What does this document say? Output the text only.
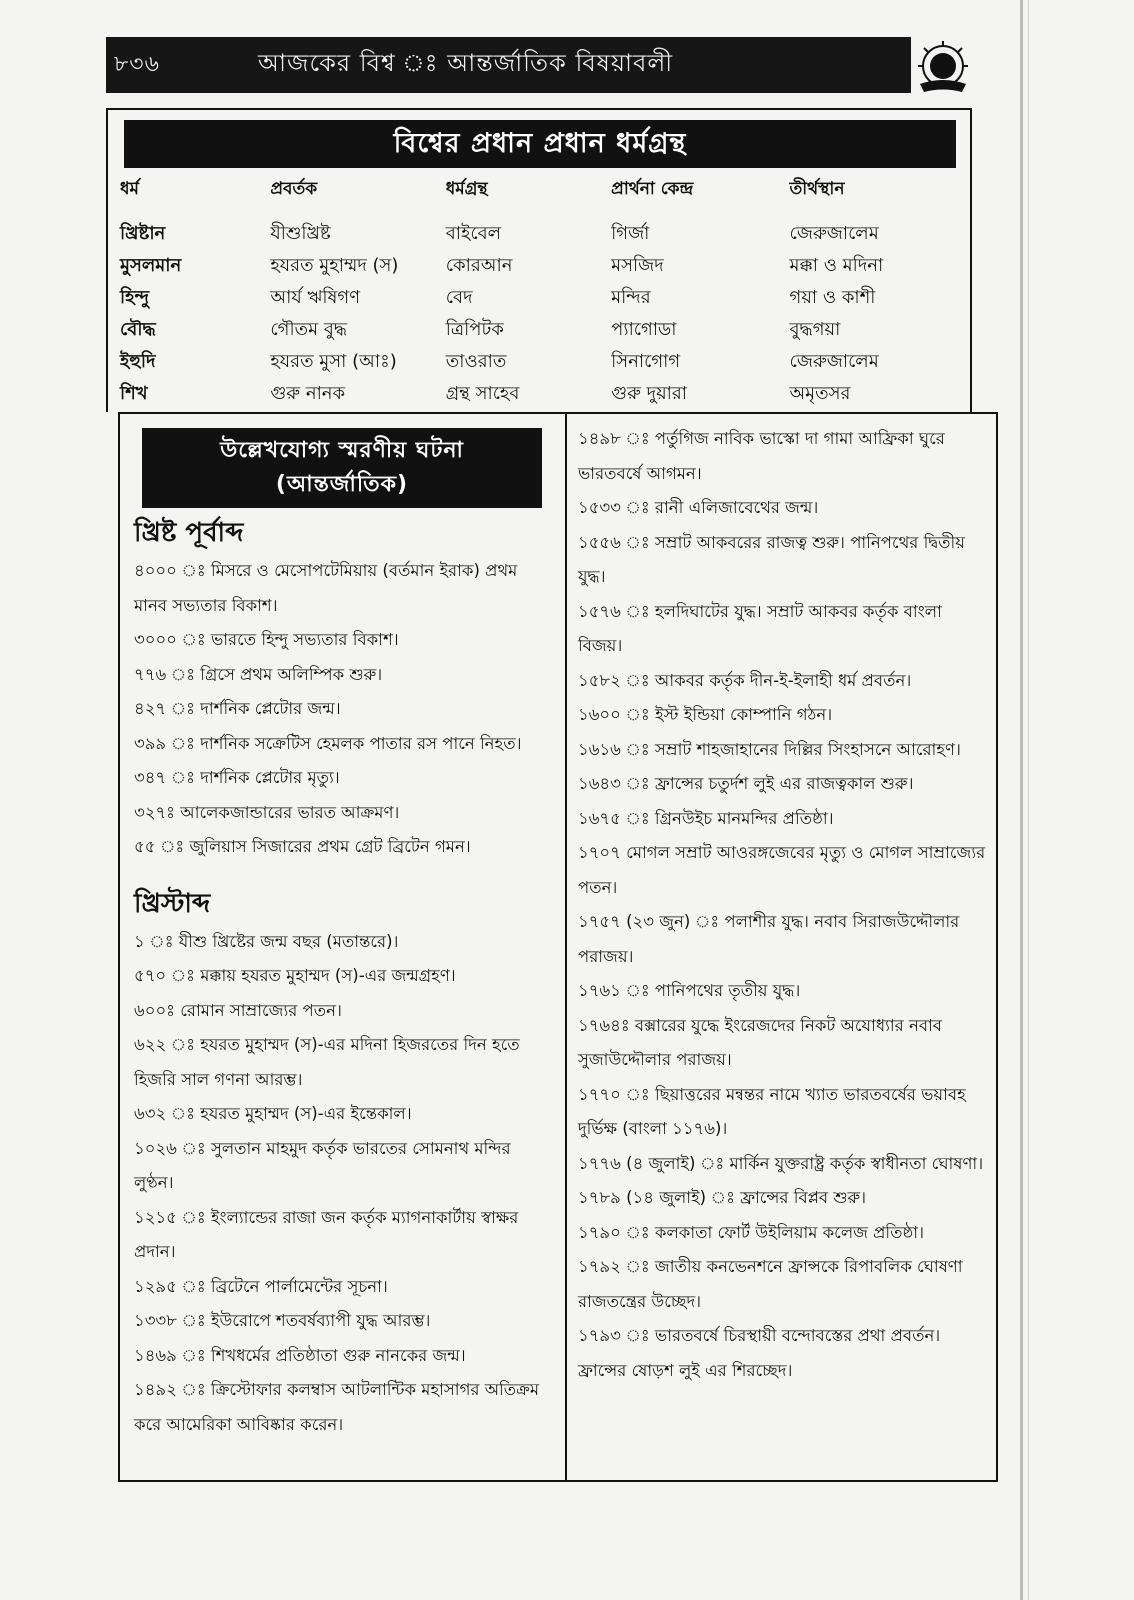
৮৩৬	আজকের বিশ্ব ঃ আন্তর্জাতিক বিষয়াবলী
বিশ্বের প্রধান প্রধান ধর্মগ্রন্থ
ধর্ম	প্রবর্তক	ধর্মগ্রন্থ	প্রার্থনা কেন্দ্র	তীর্থস্থান
খ্রিষ্টান	যীশুখ্রিষ্ট	বাইবেল	গির্জা	জেরুজালেম
মুসলমান	হযরত মুহাম্মদ (স)	কোরআন	মসজিদ	মক্কা ও মদিনা
হিন্দু	আর্য ঋষিগণ	বেদ	মন্দির	গয়া ও কাশী
বৌদ্ধ	গৌতম বুদ্ধ	ত্রিপিটক	প্যাগোডা	বুদ্ধগয়া
ইহুদি	হযরত মুসা (আঃ)	তাওরাত	সিনাগোগ	জেরুজালেম
শিখ	গুরু নানক	গ্রন্থ সাহেব	গুরু দুয়ারা	অমৃতসর
উল্লেখযোগ্য স্মরণীয় ঘটনা
(আন্তর্জাতিক)
খ্রিষ্ট পূর্বাব্দ

৪০০০ ঃ মিসরে ও মেসোপটেমিয়ায় (বর্তমান ইরাক) প্রথম মানব সভ্যতার বিকাশ।

৩০০০ ঃ ভারতে হিন্দু সভ্যতার বিকাশ।

৭৭৬ ঃ গ্রিসে প্রথম অলিম্পিক শুরু।

৪২৭ ঃ দার্শনিক প্লেটোর জন্ম।

৩৯৯ ঃ দার্শনিক সক্রেটিস হেমলক পাতার রস পানে নিহত।

৩৪৭ ঃ দার্শনিক প্লেটোর মৃত্যু।

৩২৭ঃ আলেকজান্ডারের ভারত আক্রমণ।

৫৫ ঃ জুলিয়াস সিজারের প্রথম গ্রেট ব্রিটেন গমন।

খ্রিস্টাব্দ

১ ঃ যীশু খ্রিষ্টের জন্ম বছর (মতান্তরে)।

৫৭০ ঃ মক্কায় হযরত মুহাম্মদ (স)-এর জন্মগ্রহণ।

৬০০ঃ রোমান সাম্রাজ্যের পতন।

৬২২ ঃ হযরত মুহাম্মদ (স)-এর মদিনা হিজরতের দিন হতে হিজরি সাল গণনা আরম্ভ।

৬৩২ ঃ হযরত মুহাম্মদ (স)-এর ইন্তেকাল।

১০২৬ ঃ সুলতান মাহমুদ কর্তৃক ভারতের সোমনাথ মন্দির লুণ্ঠন।

১২১৫ ঃ ইংল্যান্ডের রাজা জন কর্তৃক ম্যাগনাকার্টায় স্বাক্ষর প্রদান।

১২৯৫ ঃ ব্রিটেনে পার্লামেন্টের সূচনা।

১৩৩৮ ঃ ইউরোপে শতবর্ষব্যাপী যুদ্ধ আরম্ভ।

১৪৬৯ ঃ শিখধর্মের প্রতিষ্ঠাতা গুরু নানকের জন্ম।

১৪৯২ ঃ ক্রিস্টোফার কলম্বাস আটলান্টিক মহাসাগর অতিক্রম করে আমেরিকা আবিষ্কার করেন।

১৪৯৮ ঃ পর্তুগিজ নাবিক ভাস্কো দা গামা আফ্রিকা ঘুরে ভারতবর্ষে আগমন।

১৫৩৩ ঃ রানী এলিজাবেথের জন্ম।

১৫৫৬ ঃ সম্রাট আকবরের রাজত্ব শুরু। পানিপথের দ্বিতীয় যুদ্ধ।

১৫৭৬ ঃ হলদিঘাটের যুদ্ধ। সম্রাট আকবর কর্তৃক বাংলা বিজয়।

১৫৮২ ঃ আকবর কর্তৃক দীন-ই-ইলাহী ধর্ম প্রবর্তন।

১৬০০ ঃ ইস্ট ইন্ডিয়া কোম্পানি গঠন।

১৬১৬ ঃ সম্রাট শাহজাহানের দিল্লির সিংহাসনে আরোহণ।

১৬৪৩ ঃ ফ্রান্সের চতুর্দশ লুই এর রাজত্বকাল শুরু।

১৬৭৫ ঃ গ্রিনউইচ মানমন্দির প্রতিষ্ঠা।

১৭০৭ মোগল সম্রাট আওরঙ্গজেবের মৃত্যু ও মোগল সাম্রাজ্যের পতন।

১৭৫৭ (২৩ জুন) ঃ পলাশীর যুদ্ধ। নবাব সিরাজউদ্দৌলার পরাজয়।

১৭৬১ ঃ পানিপথের তৃতীয় যুদ্ধ।

১৭৬৪ঃ বক্সারের যুদ্ধে ইংরেজদের নিকট অযোধ্যার নবাব সুজাউদ্দৌলার পরাজয়।

১৭৭০ ঃ ছিয়াত্তরের মন্বন্তর নামে খ্যাত ভারতবর্ষের ভয়াবহ দুর্ভিক্ষ (বাংলা ১১৭৬)।

১৭৭৬ (৪ জুলাই) ঃ মার্কিন যুক্তরাষ্ট্র কর্তৃক স্বাধীনতা ঘোষণা।

১৭৮৯ (১৪ জুলাই) ঃ ফ্রান্সের বিপ্লব শুরু।

১৭৯০ ঃ কলকাতা ফোর্ট উইলিয়াম কলেজ প্রতিষ্ঠা।

১৭৯২ ঃ জাতীয় কনভেনশনে ফ্রান্সকে রিপাবলিক ঘোষণা রাজতন্ত্রের উচ্ছেদ।

১৭৯৩ ঃ ভারতবর্ষে চিরস্থায়ী বন্দোবস্তের প্রথা প্রবর্তন। ফ্রান্সের ষোড়শ লুই এর শিরচ্ছেদ।
